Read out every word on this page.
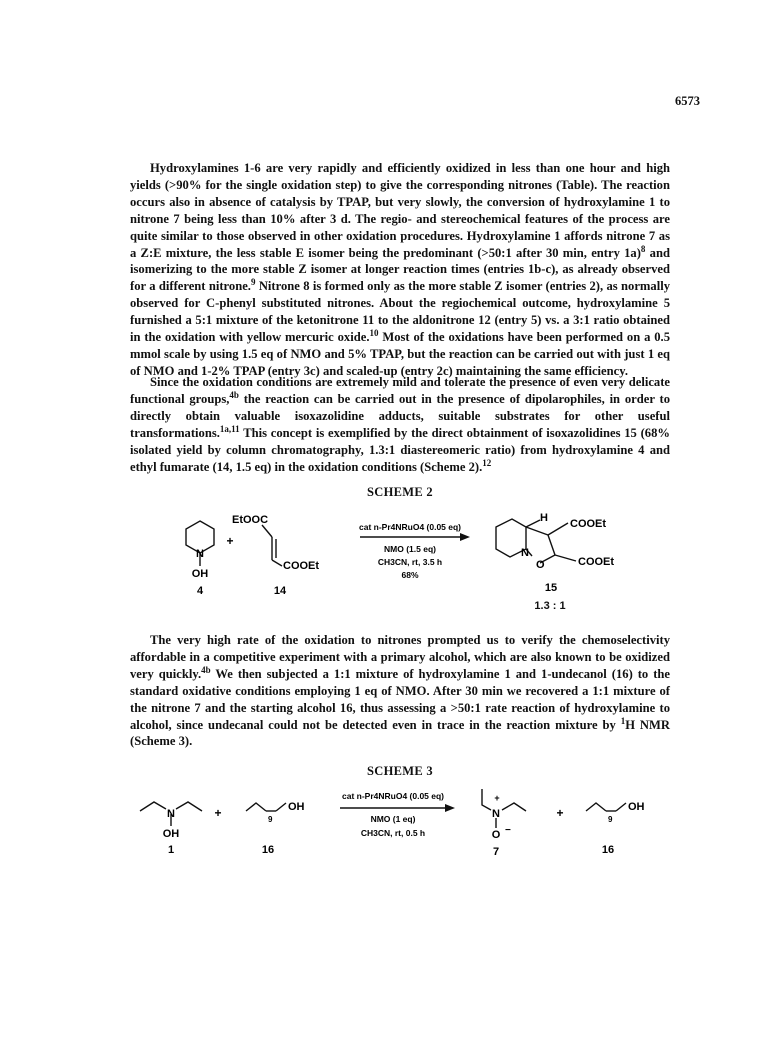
6573

Hydroxylamines 1-6 are very rapidly and efficiently oxidized in less than one hour and high yields (>90% for the single oxidation step) to give the corresponding nitrones (Table). The reaction occurs also in absence of catalysis by TPAP, but very slowly, the conversion of hydroxylamine 1 to nitrone 7 being less than 10% after 3 d. The regio- and stereochemical features of the process are quite similar to those observed in other oxidation procedures. Hydroxylamine 1 affords nitrone 7 as a Z:E mixture, the less stable E isomer being the predominant (>50:1 after 30 min, entry 1a)$^8$ and isomerizing to the more stable Z isomer at longer reaction times (entries 1b-c), as already observed for a different nitrone.$^9$ Nitrone 8 is formed only as the more stable Z isomer (entries 2), as normally observed for C-phenyl substituted nitrones. About the regiochemical outcome, hydroxylamine 5 furnished a 5:1 mixture of the ketonitrone 11 to the aldonitrone 12 (entry 5) vs. a 3:1 ratio obtained in the oxidation with yellow mercuric oxide.$^{10}$ Most of the oxidations have been performed on a 0.5 mmol scale by using 1.5 eq of NMO and 5% TPAP, but the reaction can be carried out with just 1 eq of NMO and 1-2% TPAP (entry 3c) and scaled-up (entry 2c) maintaining the same efficiency.

Since the oxidation conditions are extremely mild and tolerate the presence of even very delicate functional groups,$^{4b}$ the reaction can be carried out in the presence of dipolarophiles, in order to directly obtain valuable isoxazolidine adducts, suitable substrates for other useful transformations.$^{1a,11}$ This concept is exemplified by the direct obtainment of isoxazolidines 15 (68% isolated yield by column chromatography, 1.3:1 diastereomeric ratio) from hydroxylamine 4 and ethyl fumarate (14, 1.5 eq) in the oxidation conditions (Scheme 2).$^{12}$

SCHEME 2
N
OH
4
+
EtOOC
COOEt
14
cat n-Pr4NRuO4 (0.05 eq)
NMO (1.5 eq)
CH3CN, rt, 3.5 h
68%
H COOEt
COOEt
N
O
15
1.3 : 1

The very high rate of the oxidation to nitrones prompted us to verify the chemoselectivity affordable in a competitive experiment with a primary alcohol, which are also known to be oxidized very quickly.$^{4b}$ We then subjected a 1:1 mixture of hydroxylamine 1 and 1-undecanol (16) to the standard oxidative conditions employing 1 eq of NMO. After 30 min we recovered a 1:1 mixture of the nitrone 7 and the starting alcohol 16, thus assessing a >50:1 rate reaction of hydroxylamine to alcohol, since undecanal could not be detected even in trace in the reaction mixture by $^1$H NMR (Scheme 3).

SCHEME 3
N
OH
1
+	OH
9
16
cat n-Pr4NRuO4 (0.05 eq)
NMO (1 eq)
CH3CN, rt, 0.5 h
+
N
O −
7
+	OH
9
16
